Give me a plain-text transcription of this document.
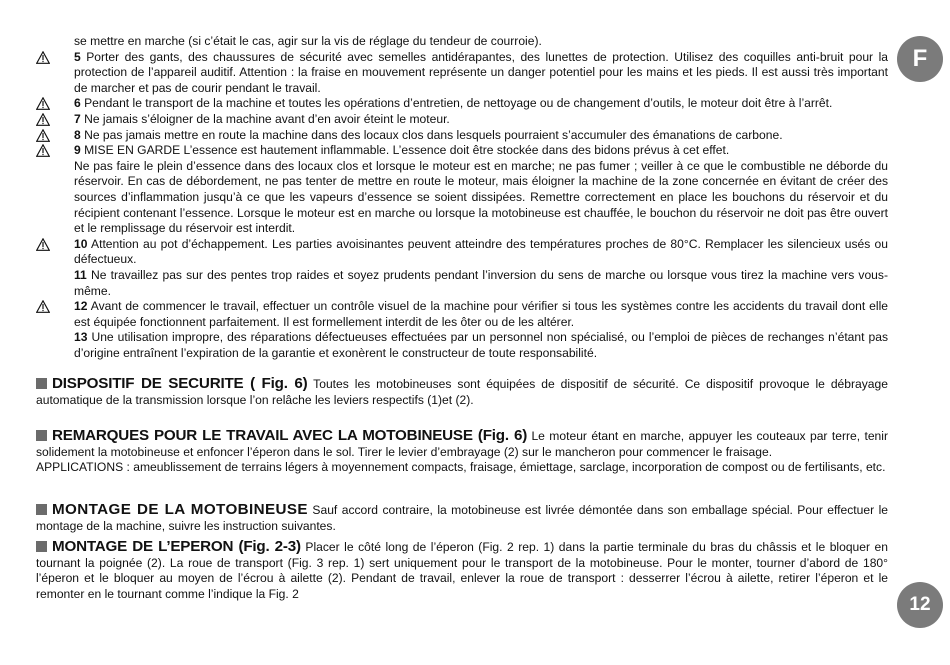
se mettre en marche (si c’était le cas, agir sur la vis de réglage du tendeur de courroie).
5 Porter des gants, des chaussures de sécurité avec semelles antidérapantes, des lunettes de protection. Utilisez des coquilles anti-bruit pour la protection de l’appareil auditif. Attention : la fraise en mouvement représente un danger potentiel pour les mains et les pieds. Il est aussi très important de marcher et pas de courir pendant le travail.
6 Pendant le transport de la machine et toutes les opérations d’entretien, de nettoyage ou de changement d’outils, le moteur doit être à l’arrêt.
7 Ne jamais s’éloigner de la machine avant d’en avoir éteint le moteur.
8 Ne pas jamais mettre en route la machine dans des locaux clos dans lesquels pourraient s’accumuler des émanations de carbone.
9 MISE EN GARDE L’essence est hautement inflammable. L’essence doit être stockée dans des bidons prévus à cet effet.
Ne pas faire le plein d’essence dans des locaux clos et lorsque le moteur est en marche; ne pas fumer ; veiller à ce que le combustible ne déborde du réservoir. En cas de débordement, ne pas tenter de mettre en route le moteur, mais éloigner la machine de la zone concernée en évitant de créer des sources d’inflammation jusqu’à ce que les vapeurs d’essence se soient dissipées. Remettre correctement en place les bouchons du réservoir et du récipient contenant l’essence. Lorsque le moteur est en marche ou lorsque la motobineuse est chauffée, le bouchon du réservoir ne doit pas être ouvert et le remplissage du réservoir est interdit.
10 Attention au pot d’échappement. Les parties avoisinantes peuvent atteindre des températures proches de 80°C. Remplacer les silencieux usés ou défectueux.
11 Ne travaillez pas sur des pentes trop raides et soyez prudents pendant l’inversion du sens de marche ou lorsque vous tirez la machine vers vous-même.
12 Avant de commencer le travail, effectuer un contrôle visuel de la machine pour vérifier si tous les systèmes contre les accidents du travail dont elle est équipée fonctionnent parfaitement. Il est formellement interdit de les ôter ou de les altérer.
13 Une utilisation impropre, des réparations défectueuses effectuées par un personnel non spécialisé, ou l’emploi de pièces de rechanges n’étant pas d’origine entraînent l’expiration de la garantie et exonèrent le constructeur de toute responsabilité.

DISPOSITIF DE SECURITE ( Fig. 6) Toutes les motobineuses sont équipées de dispositif de sécurité. Ce dispositif provoque le débrayage automatique de la transmission lorsque l’on relâche les leviers respectifs (1)et (2).

REMARQUES POUR LE TRAVAIL AVEC LA MOTOBINEUSE (Fig. 6) Le moteur étant en marche, appuyer les couteaux par terre, tenir solidement la motobineuse et enfoncer l’éperon dans le sol. Tirer le levier d’embrayage (2) sur le mancheron pour commencer le fraisage.
APPLICATIONS : ameublissement de terrains légers à moyennement compacts, fraisage, émiettage, sarclage, incorporation de compost ou de fertilisants, etc.

MONTAGE DE LA MOTOBINEUSE Sauf accord contraire, la motobineuse est livrée démontée dans son emballage spécial. Pour effectuer le montage de la machine, suivre les instruction suivantes.

MONTAGE DE L’EPERON (Fig. 2-3) Placer le côté long de l’éperon (Fig. 2 rep. 1) dans la partie terminale du bras du châssis et le bloquer en tournant la poignée (2). La roue de transport (Fig. 3 rep. 1) sert uniquement pour le transport de la motobineuse. Pour le monter, tourner d’abord de 180° l’éperon et le bloquer au moyen de l’écrou à ailette (2). Pendant de travail, enlever la roue de transport : desserrer l’écrou à ailette, retirer l’éperon et le remonter en le tournant comme l’indique la Fig. 2

F
12
